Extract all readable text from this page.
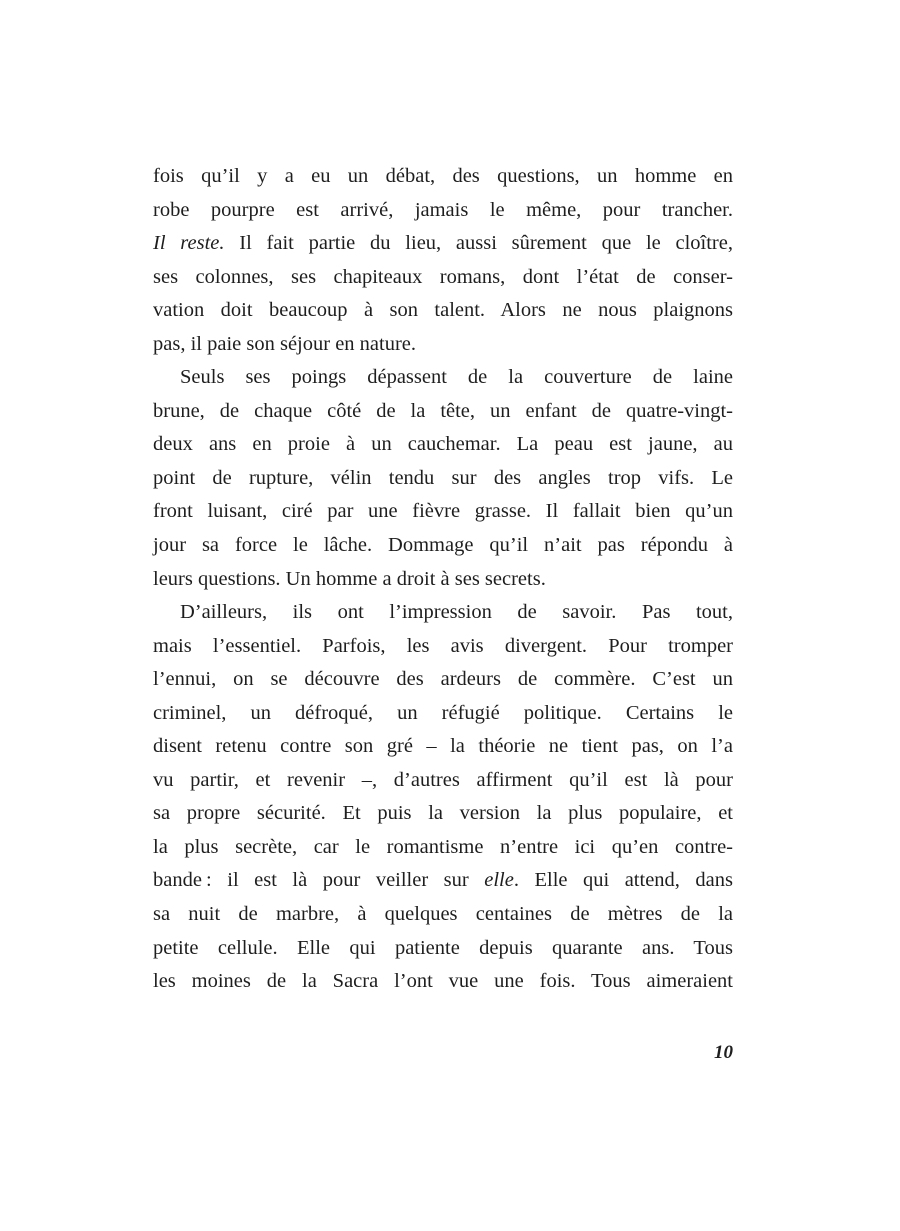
fois qu’il y a eu un débat, des questions, un homme en
robe pourpre est arrivé, jamais le même, pour trancher.
Il reste. Il fait partie du lieu, aussi sûrement que le cloître,
ses colonnes, ses chapiteaux romans, dont l’état de conser-
vation doit beaucoup à son talent. Alors ne nous plaignons
pas, il paie son séjour en nature.
Seuls ses poings dépassent de la couverture de laine
brune, de chaque côté de la tête, un enfant de quatre-vingt-
deux ans en proie à un cauchemar. La peau est jaune, au
point de rupture, vélin tendu sur des angles trop vifs. Le
front luisant, ciré par une fièvre grasse. Il fallait bien qu’un
jour sa force le lâche. Dommage qu’il n’ait pas répondu à
leurs questions. Un homme a droit à ses secrets.
D’ailleurs, ils ont l’impression de savoir. Pas tout,
mais l’essentiel. Parfois, les avis divergent. Pour tromper
l’ennui, on se découvre des ardeurs de commère. C’est un
criminel, un défroqué, un réfugié politique. Certains le
disent retenu contre son gré – la théorie ne tient pas, on l’a
vu partir, et revenir –, d’autres affirment qu’il est là pour
sa propre sécurité. Et puis la version la plus populaire, et
la plus secrète, car le romantisme n’entre ici qu’en contre-
bande : il est là pour veiller sur elle. Elle qui attend, dans
sa nuit de marbre, à quelques centaines de mètres de la
petite cellule. Elle qui patiente depuis quarante ans. Tous
les moines de la Sacra l’ont vue une fois. Tous aimeraient
10
